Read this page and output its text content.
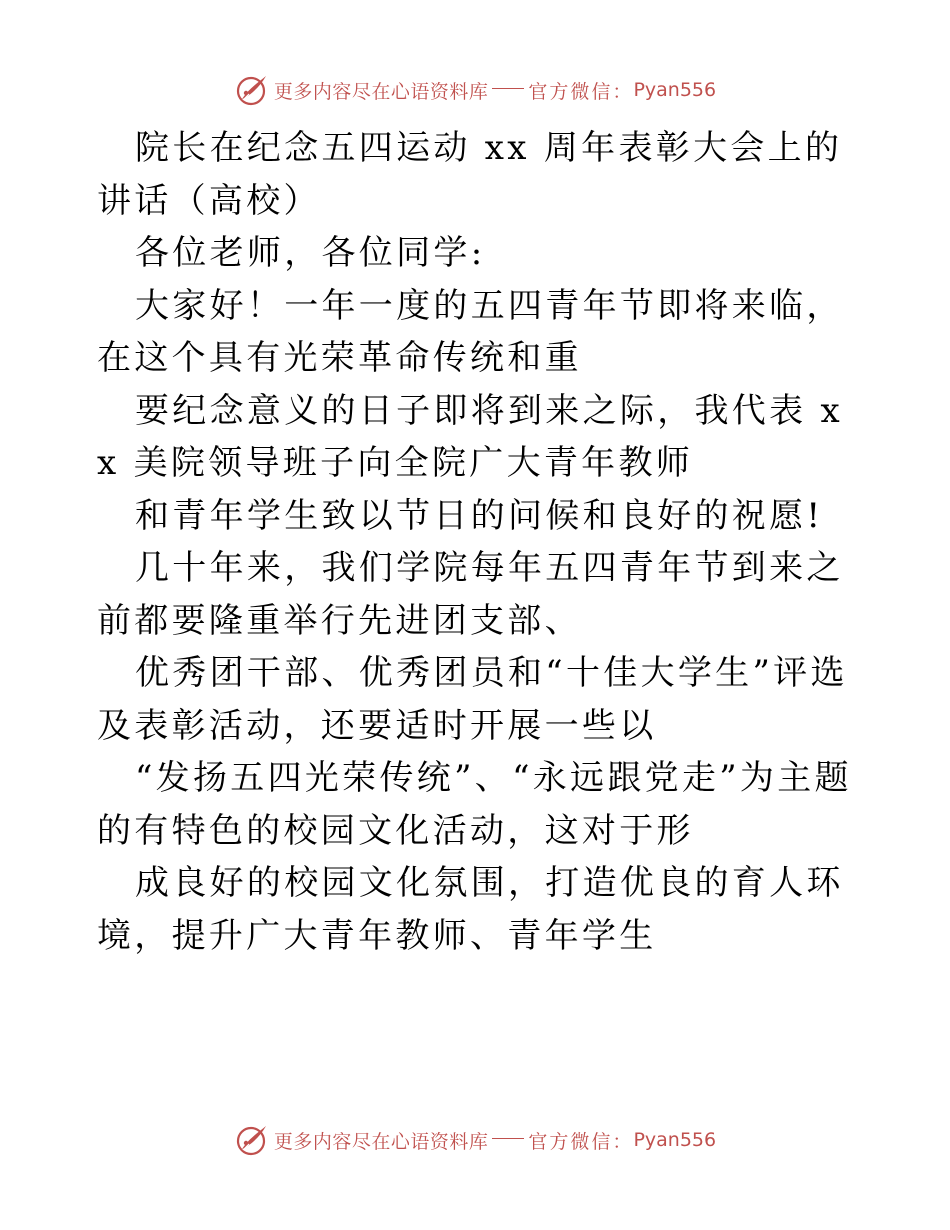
更多内容尽在心语资料库 官方微信： Pyan556

院长在纪念五四运动 xx 周年表彰大会上的讲话（高校）

各位老师，各位同学:

大家好！一年一度的五四青年节即将来临，在这个具有光荣革命传统和重

要纪念意义的日子即将到来之际，我代表 xx 美院领导班子向全院广大青年教师

和青年学生致以节日的问候和良好的祝愿!

几十年来，我们学院每年五四青年节到来之前都要隆重举行先进团支部、

优秀团干部、优秀团员和“十佳大学生”评选及表彰活动，还要适时开展一些以

“发扬五四光荣传统”、“永远跟党走”为主题的有特色的校园文化活动，这对于形

成良好的校园文化氛围，打造优良的育人环境，提升广大青年教师、青年学生

更多内容尽在心语资料库 官方微信： Pyan556
